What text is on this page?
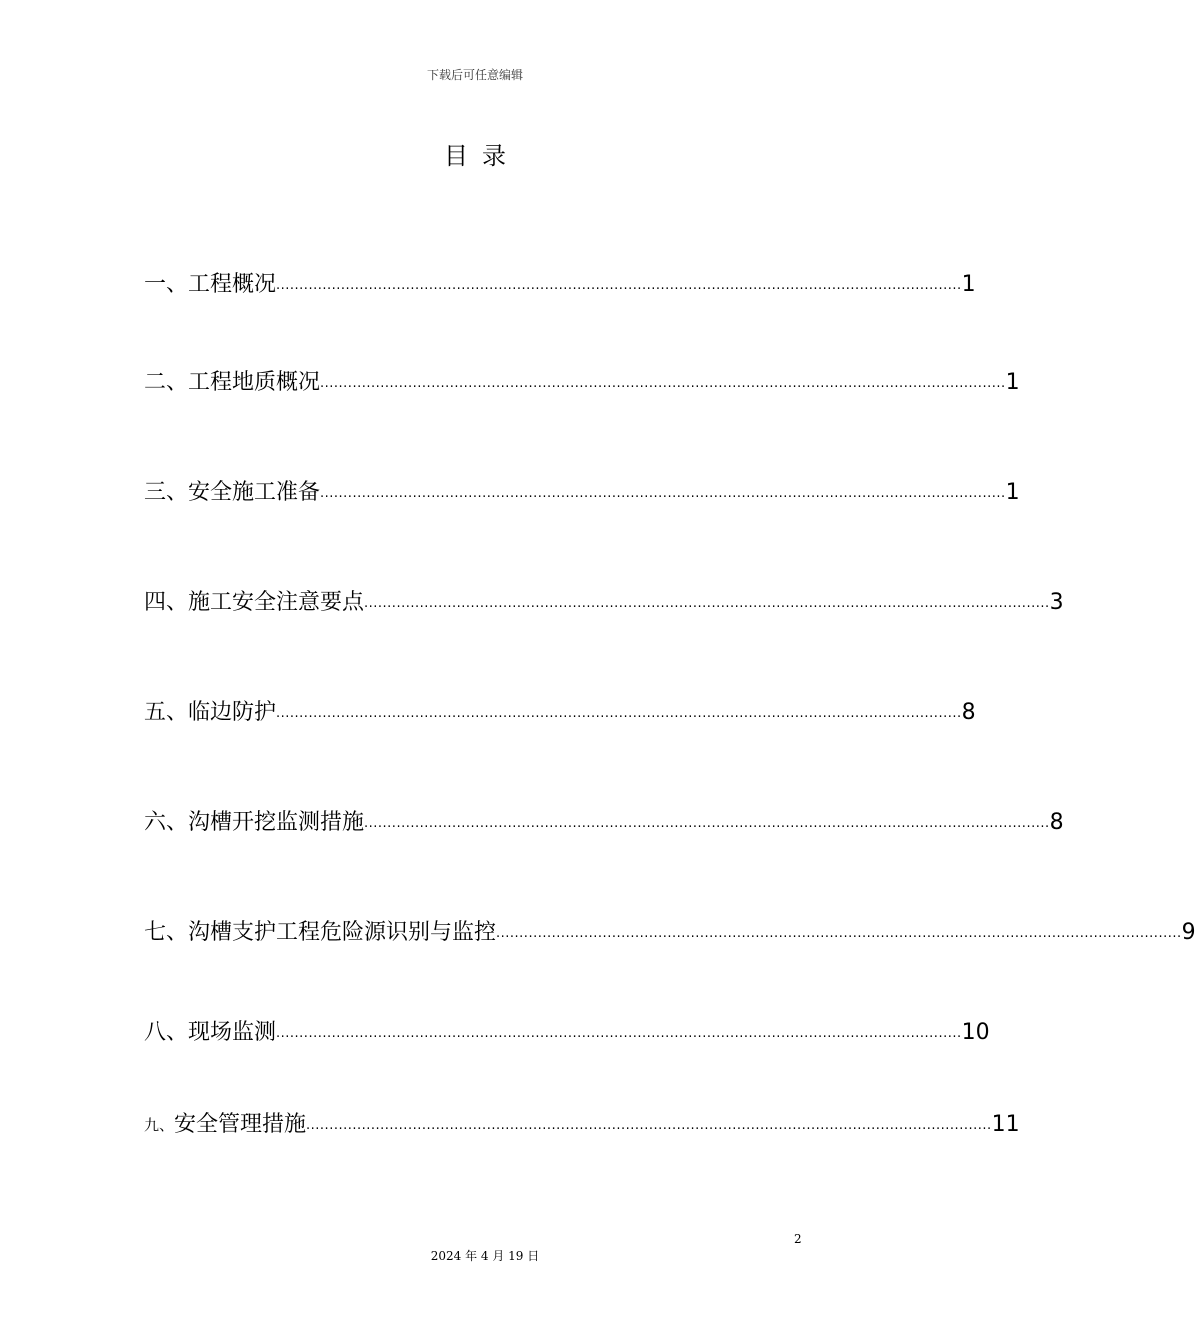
下载后可任意编辑
目录
一、工程概况 .................................................................................................................................................... 1
二、工程地质概况 .................................................................................................................................................... 1
三、安全施工准备 .................................................................................................................................................... 1
四、施工安全注意要点 .................................................................................................................................................... 3
五、临边防护 .................................................................................................................................................... 8
六、沟槽开挖监测措施 .................................................................................................................................................... 8
七、沟槽支护工程危险源识别与监控 .................................................................................................................................................... 9
八、现场监测 .................................................................................................................................................... 10
九、 安全管理措施 .................................................................................................................................................... 11
2
2024 年 4 月 19 日
